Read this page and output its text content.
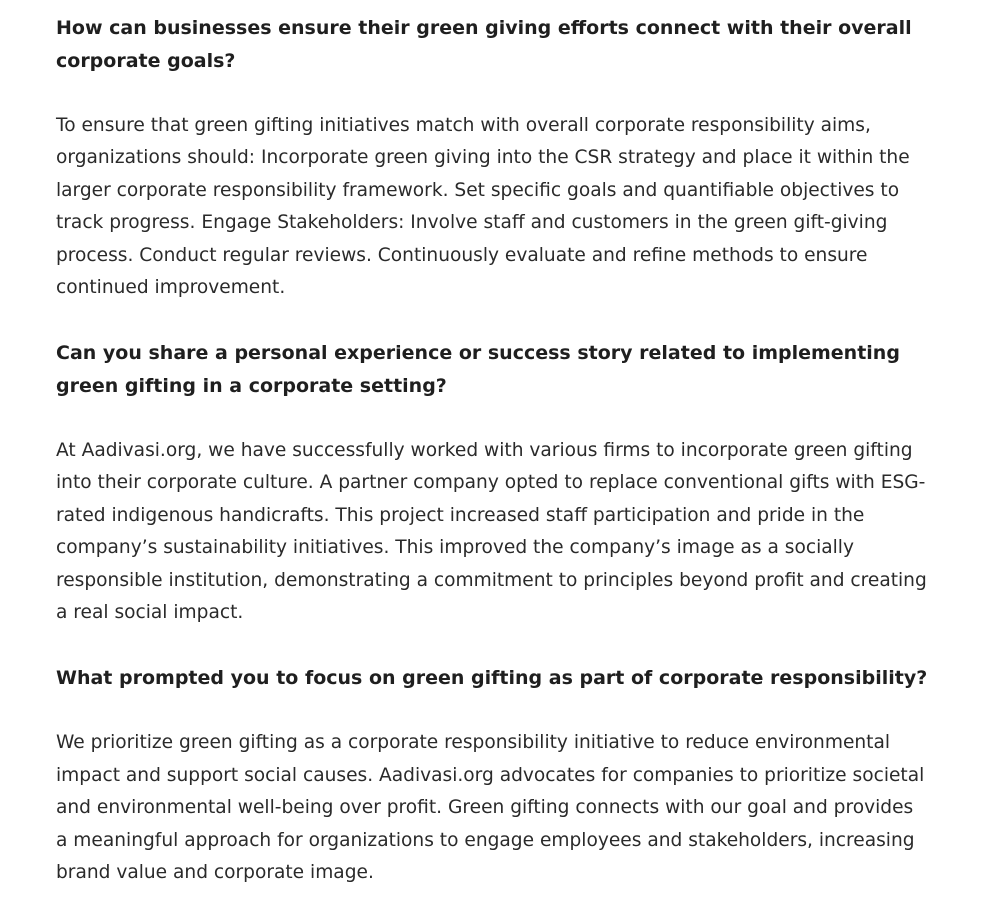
How can businesses ensure their green giving efforts connect with their overall corporate goals?

To ensure that green gifting initiatives match with overall corporate responsibility aims, organizations should: Incorporate green giving into the CSR strategy and place it within the larger corporate responsibility framework. Set specific goals and quantifiable objectives to track progress. Engage Stakeholders: Involve staff and customers in the green gift-giving process. Conduct regular reviews. Continuously evaluate and refine methods to ensure continued improvement.

Can you share a personal experience or success story related to implementing green gifting in a corporate setting?

At Aadivasi.org, we have successfully worked with various firms to incorporate green gifting into their corporate culture. A partner company opted to replace conventional gifts with ESG-rated indigenous handicrafts. This project increased staff participation and pride in the company’s sustainability initiatives. This improved the company’s image as a socially responsible institution, demonstrating a commitment to principles beyond profit and creating a real social impact.

What prompted you to focus on green gifting as part of corporate responsibility?

We prioritize green gifting as a corporate responsibility initiative to reduce environmental impact and support social causes. Aadivasi.org advocates for companies to prioritize societal and environmental well-being over profit. Green gifting connects with our goal and provides a meaningful approach for organizations to engage employees and stakeholders, increasing brand value and corporate image.
